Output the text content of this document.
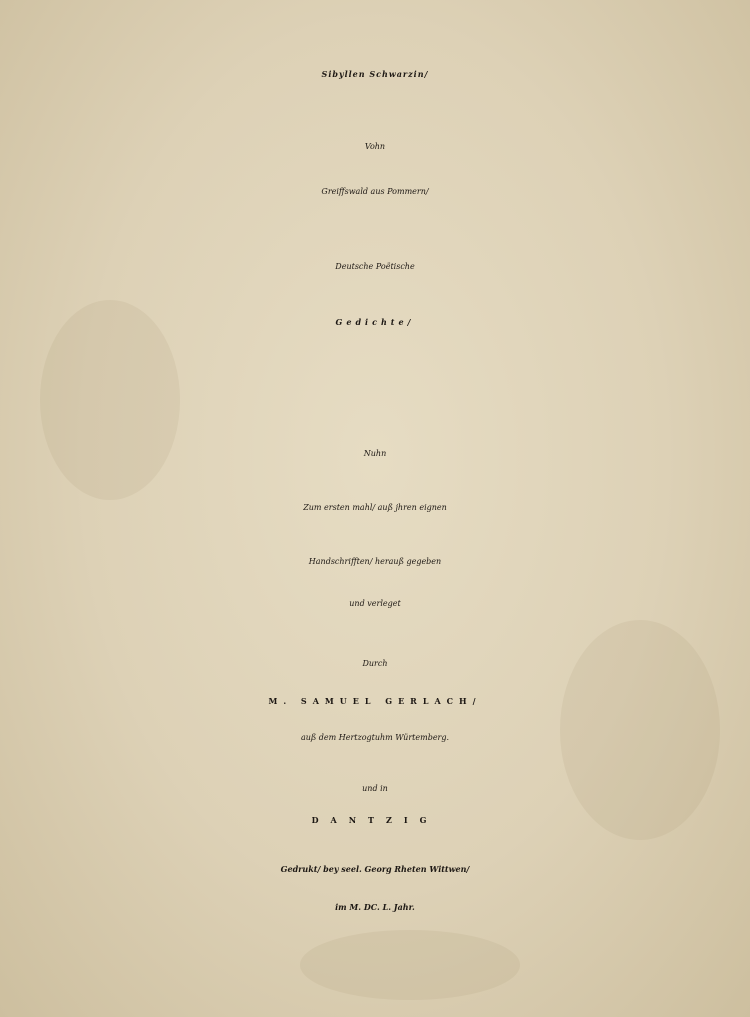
Sibyllen Schwarzin/
Vohn
Greiffswald aus Pommern/
Deutsche Poëtische
Gedichte/
Nuhn
Zum ersten mahl/ auß jhren eignen
Handschrifften/ herauß gegeben
und verleget
Durch
M. SAMUEL GERLACH/
auß dem Hertzogtuhm Würtemberg.
und in
DANTZIG
Gedrukt/ bey seel. Georg Rheten Wittwen/
im M. DC. L. Jahr.
